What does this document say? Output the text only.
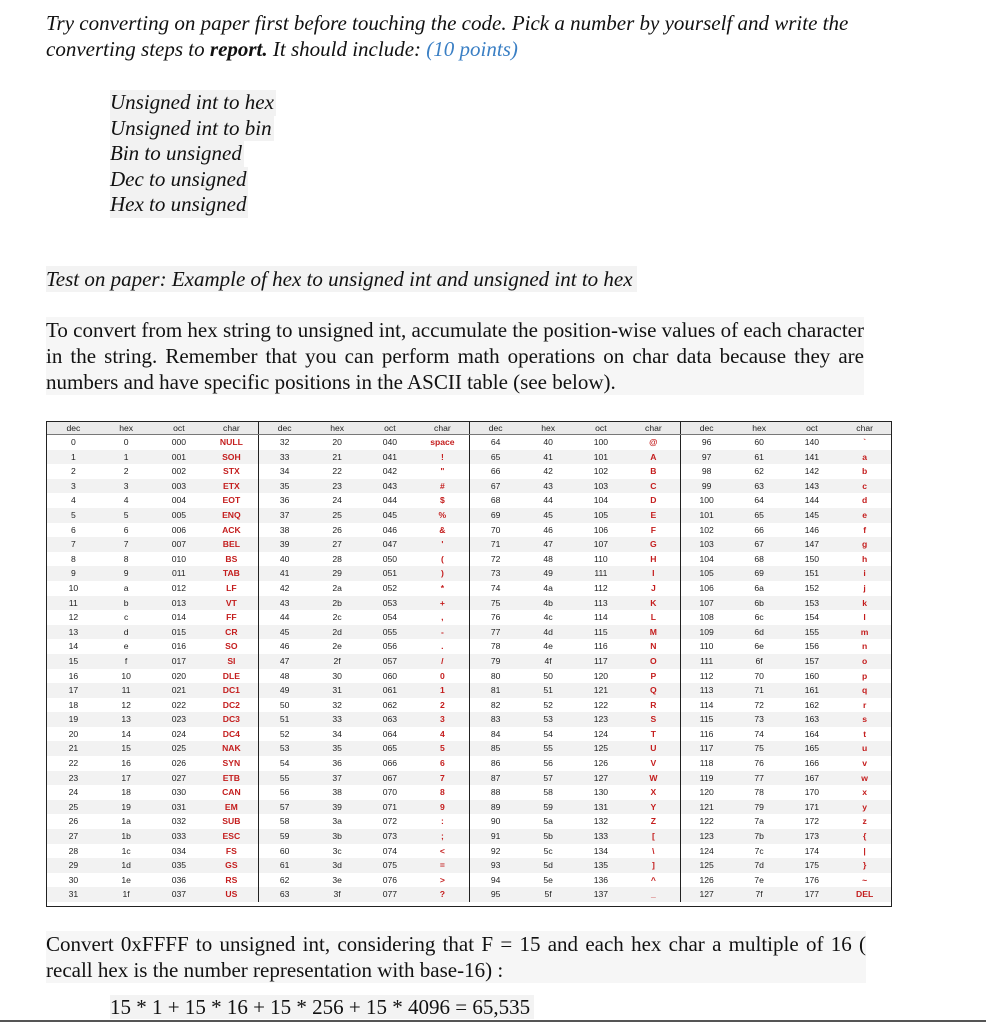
Try converting on paper first before touching the code. Pick a number by yourself and write the converting steps to report. It should include: (10 points)
Unsigned int to hex
Unsigned int to bin
Bin to unsigned
Dec to unsigned
Hex to unsigned
Test on paper: Example of hex to unsigned int and unsigned int to hex
To convert from hex string to unsigned int, accumulate the position-wise values of each character in the string. Remember that you can perform math operations on char data because they are numbers and have specific positions in the ASCII table (see below).
dec	hex	oct	char	dec	hex	oct	char	dec	hex	oct	char	dec	hex	oct	char
0	0	000	NULL	32	20	040	space	64	40	100	@	96	60	140	`
1	1	001	SOH	33	21	041	!	65	41	101	A	97	61	141	a
2	2	002	STX	34	22	042	"	66	42	102	B	98	62	142	b
3	3	003	ETX	35	23	043	#	67	43	103	C	99	63	143	c
4	4	004	EOT	36	24	044	$	68	44	104	D	100	64	144	d
5	5	005	ENQ	37	25	045	%	69	45	105	E	101	65	145	e
6	6	006	ACK	38	26	046	&	70	46	106	F	102	66	146	f
7	7	007	BEL	39	27	047	'	71	47	107	G	103	67	147	g
8	8	010	BS	40	28	050	(	72	48	110	H	104	68	150	h
9	9	011	TAB	41	29	051	)	73	49	111	I	105	69	151	i
10	a	012	LF	42	2a	052	*	74	4a	112	J	106	6a	152	j
11	b	013	VT	43	2b	053	+	75	4b	113	K	107	6b	153	k
12	c	014	FF	44	2c	054	,	76	4c	114	L	108	6c	154	l
13	d	015	CR	45	2d	055	-	77	4d	115	M	109	6d	155	m
14	e	016	SO	46	2e	056	.	78	4e	116	N	110	6e	156	n
15	f	017	SI	47	2f	057	/	79	4f	117	O	111	6f	157	o
16	10	020	DLE	48	30	060	0	80	50	120	P	112	70	160	p
17	11	021	DC1	49	31	061	1	81	51	121	Q	113	71	161	q
18	12	022	DC2	50	32	062	2	82	52	122	R	114	72	162	r
19	13	023	DC3	51	33	063	3	83	53	123	S	115	73	163	s
20	14	024	DC4	52	34	064	4	84	54	124	T	116	74	164	t
21	15	025	NAK	53	35	065	5	85	55	125	U	117	75	165	u
22	16	026	SYN	54	36	066	6	86	56	126	V	118	76	166	v
23	17	027	ETB	55	37	067	7	87	57	127	W	119	77	167	w
24	18	030	CAN	56	38	070	8	88	58	130	X	120	78	170	x
25	19	031	EM	57	39	071	9	89	59	131	Y	121	79	171	y
26	1a	032	SUB	58	3a	072	:	90	5a	132	Z	122	7a	172	z
27	1b	033	ESC	59	3b	073	;	91	5b	133	[	123	7b	173	{
28	1c	034	FS	60	3c	074	<	92	5c	134	\	124	7c	174	|
29	1d	035	GS	61	3d	075	=	93	5d	135	]	125	7d	175	}
30	1e	036	RS	62	3e	076	>	94	5e	136	^	126	7e	176	~
31	1f	037	US	63	3f	077	?	95	5f	137	_	127	7f	177	DEL
Convert 0xFFFF to unsigned int, considering that F = 15 and each hex char a multiple of 16 ( recall hex is the number representation with base-16) :
15 * 1 + 15 * 16 + 15 * 256 + 15 * 4096 = 65,535
